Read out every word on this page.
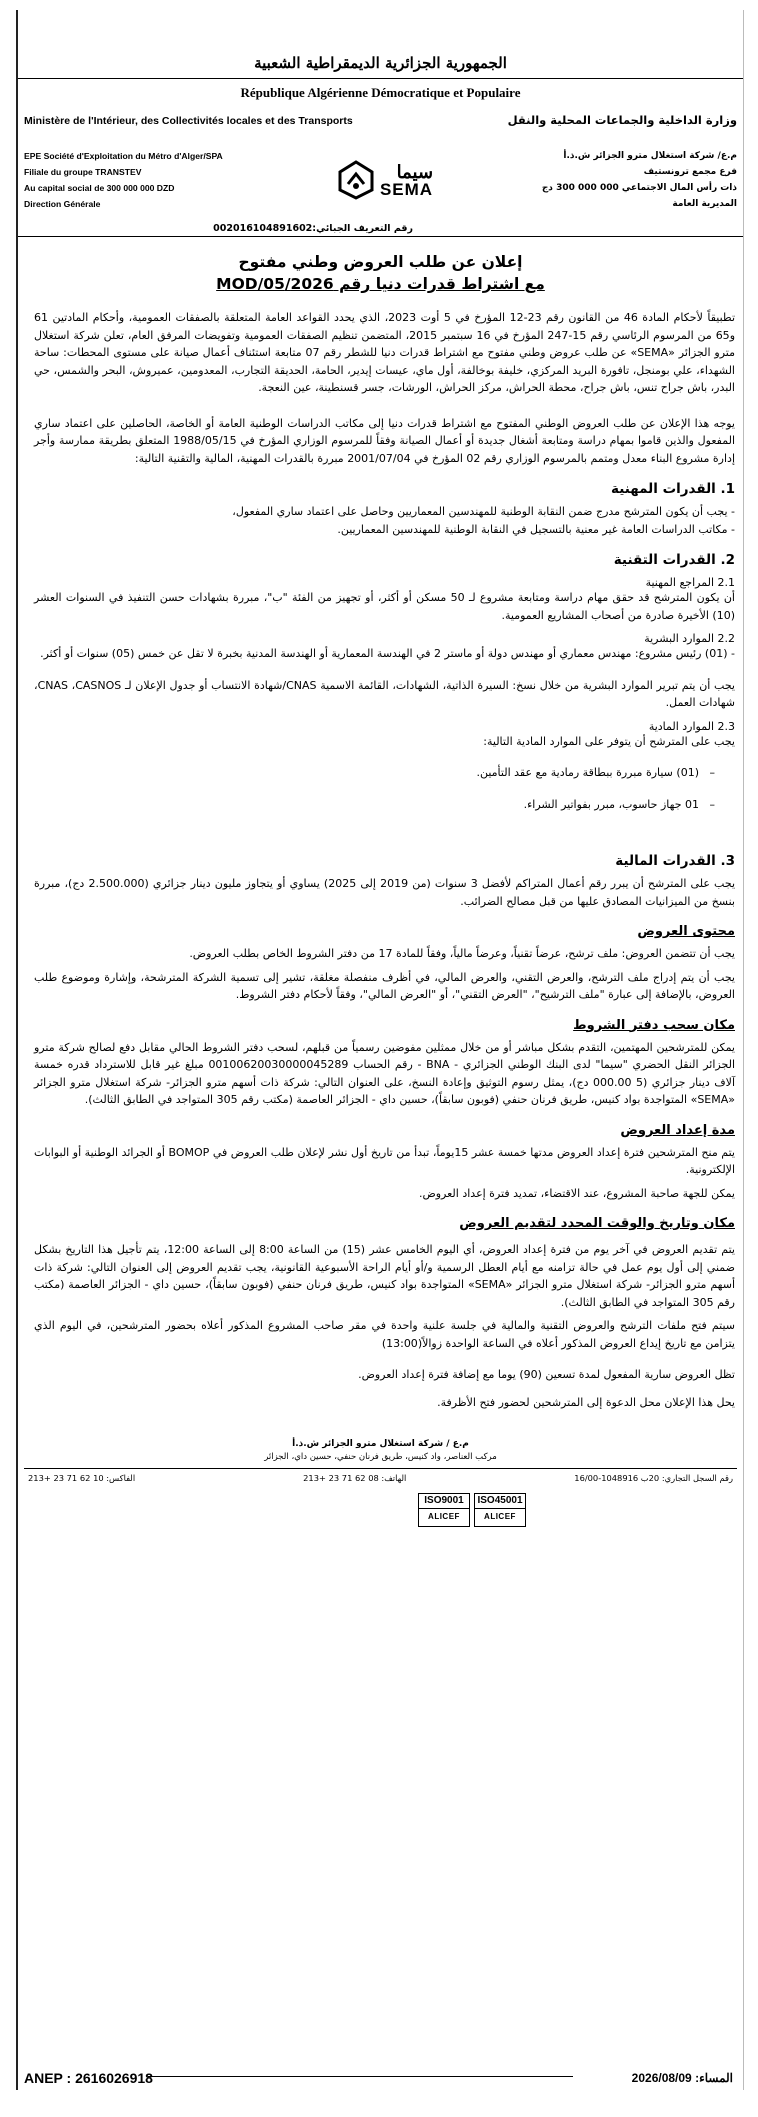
الجمهورية الجزائرية الديمقراطية الشعبية
République Algérienne Démocratique et Populaire
Ministère de l'Intérieur, des Collectivités locales et des Transports	وزارة الداخلية والجماعات المحلية والنقل
EPE Société d'Exploitation du Métro d'Alger/SPA
Filiale du groupe TRANSTEV
Au capital social de 300 000 000 DZD
Direction Générale
سيما
SEMA
م.ع/ شركة استغلال مترو الجزائر ش.ذ.أ
فرع مجمع ترونستيف
ذات رأس المال الاجتماعي 000 000 300 دج
المديرية العامة
رقم التعريف الجبائي:002016104891602
إعلان عن طلب العروض وطني مفتوح
مع اشتراط قدرات دنيا رقم 2026/MOD/05

تطبيقاً لأحكام المادة 46 من القانون رقم 23-12 المؤرخ في 5 أوت 2023، الذي يحدد القواعد العامة المتعلقة بالصفقات العمومية، وأحكام المادتين 61 و65 من المرسوم الرئاسي رقم 15-247 المؤرخ في 16 سبتمبر 2015، المتضمن تنظيم الصفقات العمومية وتفويضات المرفق العام، تعلن شركة استغلال مترو الجزائر «SEMA» عن طلب عروض وطني مفتوح مع اشتراط قدرات دنيا للشطر رقم 07 متابعة استئناف أعمال صيانة على مستوى المحطات: ساحة الشهداء، علي بومنجل، تافورة البريد المركزي، خليفة بوخالفة، أول ماي، عيسات إيدير، الحامة، الحديقة التجارب، المعدومين، عميروش، البحر والشمس، حي البدر، باش جراح تنس، باش جراح، محطة الحراش، مركز الحراش، الورشات، جسر قسنطينة، عين النعجة.

يوجه هذا الإعلان عن طلب العروض الوطني المفتوح مع اشتراط قدرات دنيا إلى مكاتب الدراسات الوطنية العامة أو الخاصة، الحاصلين على اعتماد ساري المفعول والذين قاموا بمهام دراسة ومتابعة أشغال جديدة أو أعمال الصيانة وفقاً للمرسوم الوزاري المؤرخ في 1988/05/15 المتعلق بطريقة ممارسة وأجر إدارة مشروع البناء معدل ومتمم بالمرسوم الوزاري رقم 02 المؤرخ في 2001/07/04 مبررة بالقدرات المهنية، المالية والتقنية التالية:

1. القدرات المهنية

- يجب أن يكون المترشح مدرج ضمن النقابة الوطنية للمهندسين المعماريين وحاصل على اعتماد ساري المفعول،

- مكاتب الدراسات العامة غير معنية بالتسجيل في النقابة الوطنية للمهندسين المعماريين.

2. القدرات التقنية
2.1 المراجع المهنية

أن يكون المترشح قد حقق مهام دراسة ومتابعة مشروع لـ 50 مسكن أو أكثر، أو تجهيز من الفئة "ب"، مبررة بشهادات حسن التنفيذ في السنوات العشر (10) الأخيرة صادرة من أصحاب المشاريع العمومية.

2.2 الموارد البشرية

- (01) رئيس مشروع: مهندس معماري أو مهندس دولة أو ماستر 2 في الهندسة المعمارية أو الهندسة المدنية بخبرة لا تقل عن خمس (05) سنوات أو أكثر.

يجب أن يتم تبرير الموارد البشرية من خلال نسخ: السيرة الذاتية، الشهادات، القائمة الاسمية CNAS/شهادة الانتساب أو جدول الإعلان لـ CNAS ،CASNOS، شهادات العمل.

2.3 الموارد المادية

يجب على المترشح أن يتوفر على الموارد المادية التالية:

–   (01) سيارة مبررة ببطاقة رمادية مع عقد التأمين.
–   01 جهاز حاسوب، مبرر بفواتير الشراء.
3. القدرات المالية

يجب على المترشح أن يبرر رقم أعمال المتراكم لأفضل 3 سنوات (من 2019 إلى 2025) يساوي أو يتجاوز مليون دينار جزائري (2.500.000 دج)، مبررة بنسخ من الميزانيات المصادق عليها من قبل مصالح الضرائب.

محتوى العروض

يجب أن تتضمن العروض: ملف ترشح، عرضاً تقنياً، وعرضاً مالياً، وفقاً للمادة 17 من دفتر الشروط الخاص بطلب العروض.

يجب أن يتم إدراج ملف الترشح، والعرض التقني، والعرض المالي، في أظرف منفصلة مغلقة، تشير إلى تسمية الشركة المترشحة، وإشارة وموضوع طلب العروض، بالإضافة إلى عبارة "ملف الترشيح"، "العرض التقني"، أو "العرض المالي"، وفقاً لأحكام دفتر الشروط.

مكان سحب دفتر الشروط

يمكن للمترشحين المهتمين، التقدم بشكل مباشر أو من خلال ممثلين مفوضين رسمياً من قبلهم، لسحب دفتر الشروط الحالي مقابل دفع لصالح شركة مترو الجزائر النقل الحضري "سيما" لدى البنك الوطني الجزائري - BNA - رقم الحساب 00100620030000045289 مبلغ غير قابل للاسترداد قدره خمسة آلاف دينار جزائري (5 000.00 دج)، يمثل رسوم التوثيق وإعادة النسخ، على العنوان التالي: شركة ذات أسهم مترو الجزائر- شركة استغلال مترو الجزائر «SEMA» المتواجدة بواد كنيس، طريق فرنان حنفي (فوبون سابقاً)، حسين داي - الجزائر العاصمة (مكتب رقم 305 المتواجد في الطابق الثالث).

مدة إعداد العروض

يتم منح المترشحين فترة إعداد العروض مدتها خمسة عشر 15يوماً، تبدأ من تاريخ أول نشر لإعلان طلب العروض في BOMOP أو الجرائد الوطنية أو البوابات الإلكترونية.

يمكن للجهة صاحبة المشروع، عند الاقتضاء، تمديد فترة إعداد العروض.

مكان وتاريخ والوقت المحدد لتقديم العروض

يتم تقديم العروض في آخر يوم من فترة إعداد العروض، أي اليوم الخامس عشر (15) من الساعة 8:00 إلى الساعة 12:00، يتم تأجيل هذا التاريخ بشكل ضمني إلى أول يوم عمل في حالة تزامنه مع أيام العطل الرسمية و/أو أيام الراحة الأسبوعية القانونية، يجب تقديم العروض إلى العنوان التالي: شركة ذات أسهم مترو الجزائر- شركة استغلال مترو الجزائر «SEMA» المتواجدة بواد كنيس، طريق فرنان حنفي (فوبون سابقاً)، حسين داي - الجزائر العاصمة (مكتب رقم 305 المتواجد في الطابق الثالث).

سيتم فتح ملفات الترشح والعروض التقنية والمالية في جلسة علنية واحدة في مقر صاحب المشروع المذكور أعلاه بحضور المترشحين، في اليوم الذي يتزامن مع تاريخ إيداع العروض المذكور أعلاه في الساعة الواحدة زوالاً(13:00)

تظل العروض سارية المفعول لمدة تسعين (90) يوما مع إضافة فترة إعداد العروض.

يحل هذا الإعلان محل الدعوة إلى المترشحين لحضور فتح الأظرفة.

م.ع / شركة استغلال مترو الجزائر ش.ذ.أ
مركب العناصر، واد كنيس، طريق فرنان حنفي، حسين داي، الجزائر
رقم السجل التجاري: 20ب 1048916-16/00
الهاتف: 08 62 71 23 +213
الفاكس: 10 62 71 23 +213
ISO9001
ALICEF
ISO45001
ALICEF
ANEP : 2616026918	المساء: 2026/08/09
